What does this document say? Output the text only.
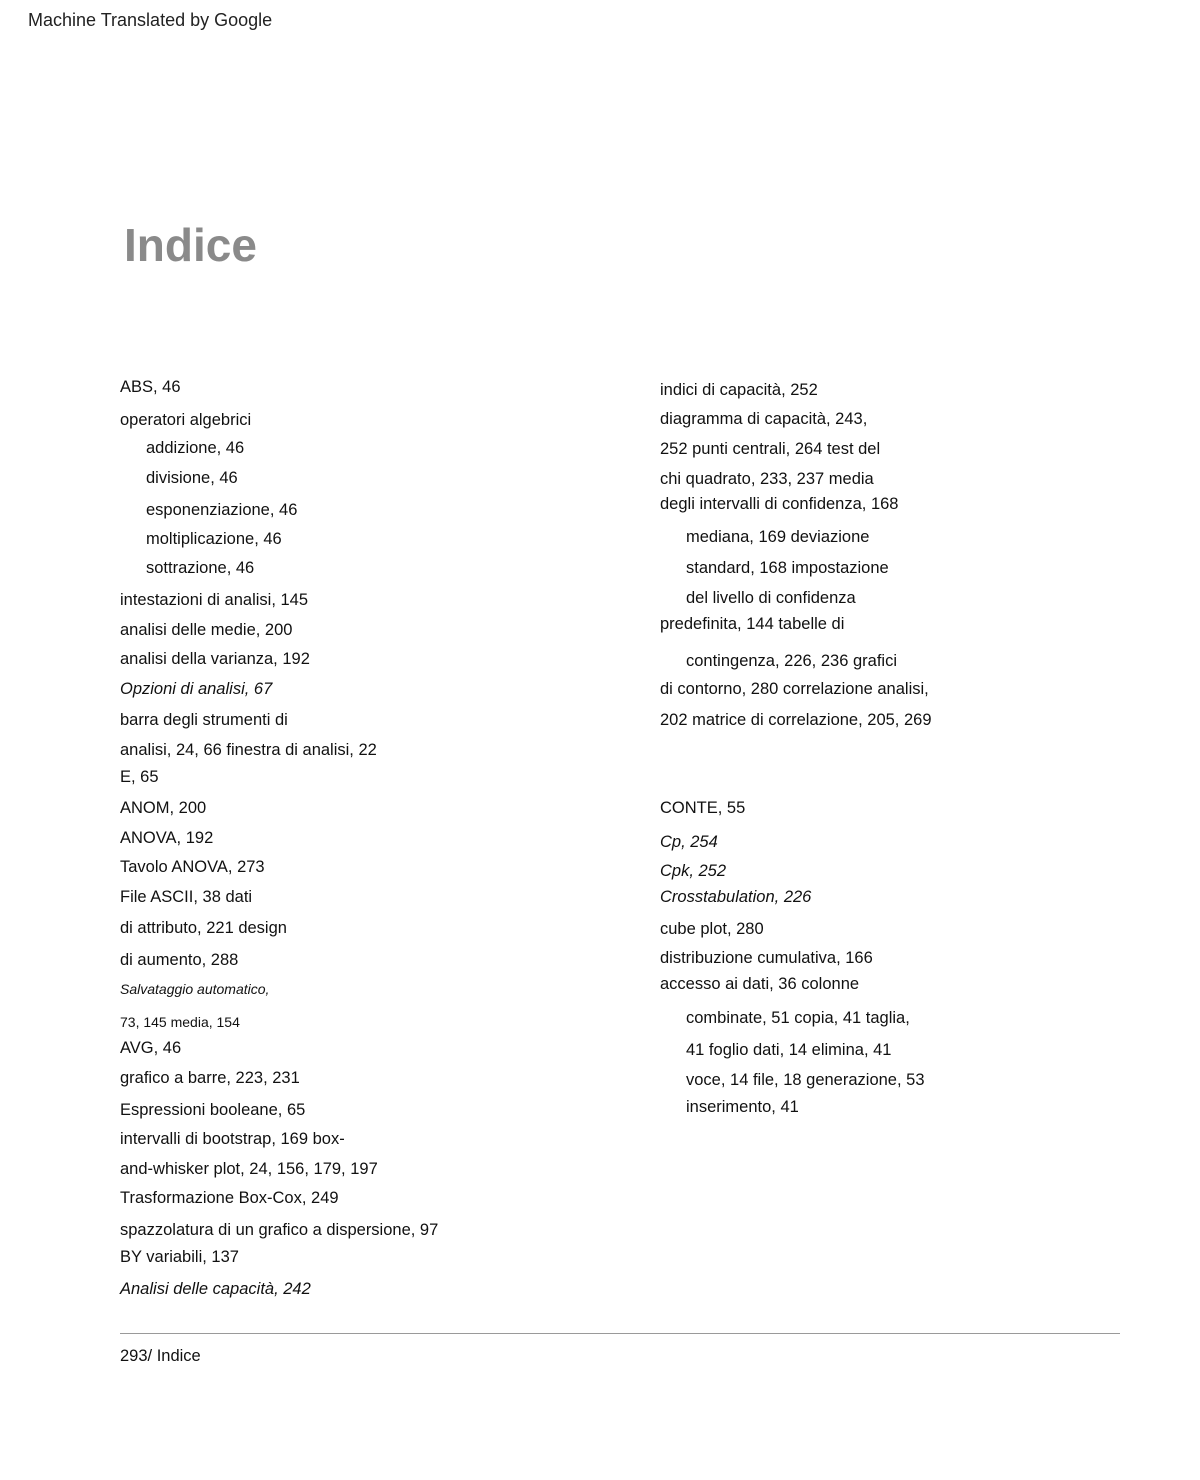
Machine Translated by Google
Indice
ABS, 46
operatori algebrici
addizione, 46
divisione, 46
esponenziazione, 46
moltiplicazione, 46
sottrazione, 46
intestazioni di analisi, 145
analisi delle medie, 200
analisi della varianza, 192
Opzioni di analisi, 67
barra degli strumenti di
analisi, 24, 66 finestra di analisi, 22
E, 65
ANOM, 200
ANOVA, 192
Tavolo ANOVA, 273
File ASCII, 38 dati
di attributo, 221 design
di aumento, 288
Salvataggio automatico,
73, 145 media, 154
AVG, 46
grafico a barre, 223, 231
Espressioni booleane, 65
intervalli di bootstrap, 169 box-
and-whisker plot, 24, 156, 179, 197
Trasformazione Box-Cox, 249
spazzolatura di un grafico a dispersione, 97
BY variabili, 137
Analisi delle capacità, 242
indici di capacità, 252
diagramma di capacità, 243,
252 punti centrali, 264 test del
chi quadrato, 233, 237 media
degli intervalli di confidenza, 168
mediana, 169 deviazione
standard, 168 impostazione
del livello di confidenza
predefinita, 144 tabelle di
contingenza, 226, 236 grafici
di contorno, 280 correlazione analisi,
202 matrice di correlazione, 205, 269
CONTE, 55
Cp, 254
Cpk, 252
Crosstabulation, 226
cube plot, 280
distribuzione cumulativa, 166
accesso ai dati, 36 colonne
combinate, 51 copia, 41 taglia,
41 foglio dati, 14 elimina, 41
voce, 14 file, 18 generazione, 53
inserimento, 41
293/ Indice
